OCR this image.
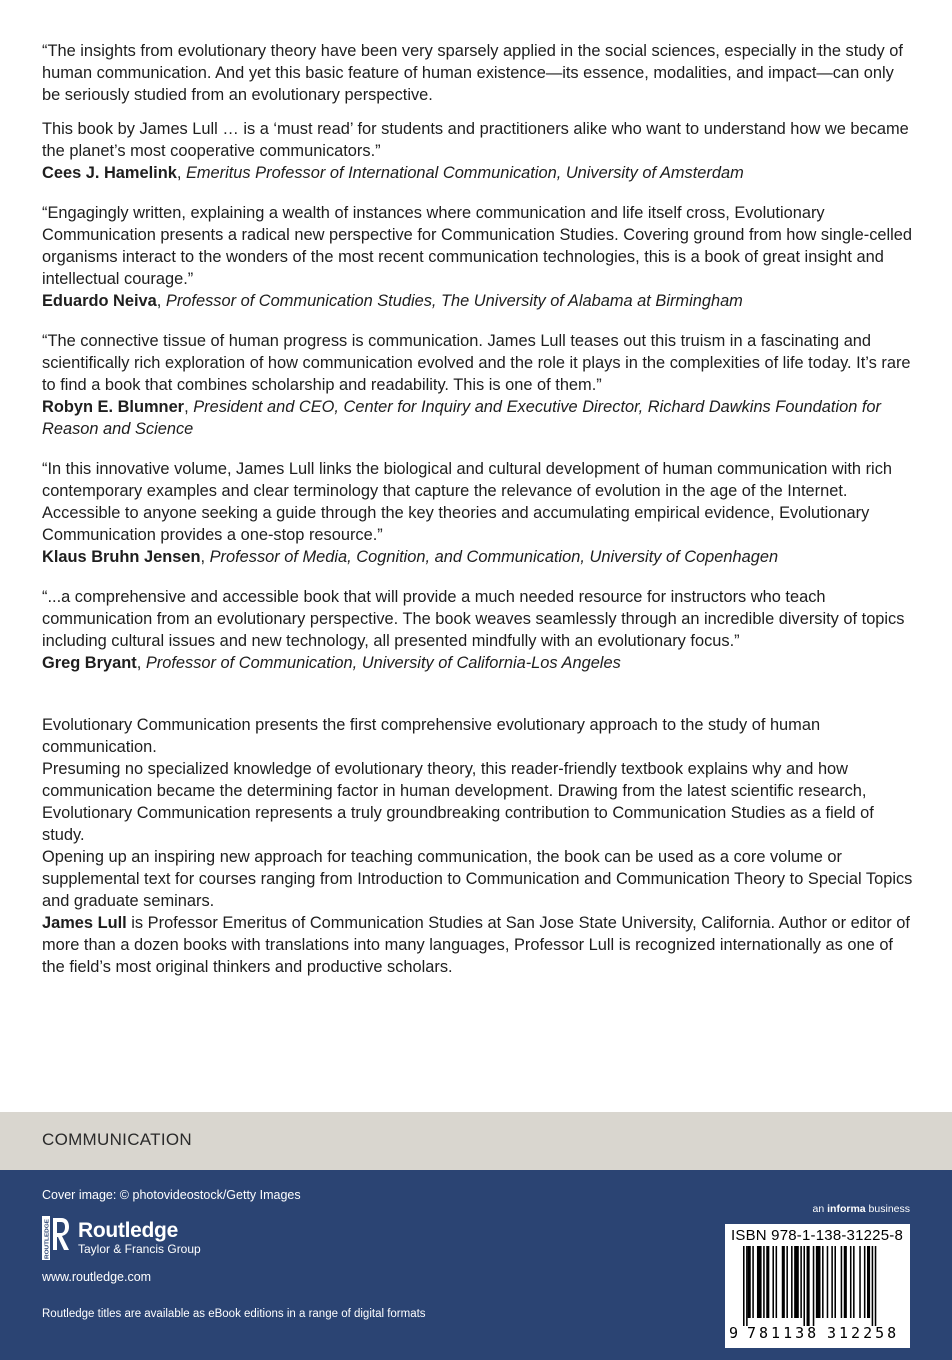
“The insights from evolutionary theory have been very sparsely applied in the social sciences, especially in the study of human communication. And yet this basic feature of human existence—its essence, modalities, and impact—can only be seriously studied from an evolutionary perspective.

This book by James Lull … is a ‘must read’ for students and practitioners alike who want to understand how we became the planet’s most cooperative communicators.”

Cees J. Hamelink, Emeritus Professor of International Communication, University of Amsterdam

“Engagingly written, explaining a wealth of instances where communication and life itself cross, Evolutionary Communication presents a radical new perspective for Communication Studies. Covering ground from how single-celled organisms interact to the wonders of the most recent communication technologies, this is a book of great insight and intellectual courage.”

Eduardo Neiva, Professor of Communication Studies, The University of Alabama at Birmingham

“The connective tissue of human progress is communication. James Lull teases out this truism in a fascinating and scientifically rich exploration of how communication evolved and the role it plays in the complexities of life today. It’s rare to find a book that combines scholarship and readability. This is one of them.”

Robyn E. Blumner, President and CEO, Center for Inquiry and Executive Director, Richard Dawkins Foundation for Reason and Science

“In this innovative volume, James Lull links the biological and cultural development of human communication with rich contemporary examples and clear terminology that capture the relevance of evolution in the age of the Internet. Accessible to anyone seeking a guide through the key theories and accumulating empirical evidence, Evolutionary Communication provides a one-stop resource.”

Klaus Bruhn Jensen, Professor of Media, Cognition, and Communication, University of Copenhagen

“...a comprehensive and accessible book that will provide a much needed resource for instructors who teach communication from an evolutionary perspective. The book weaves seamlessly through an incredible diversity of topics including cultural issues and new technology, all presented mindfully with an evolutionary focus.”

Greg Bryant, Professor of Communication, University of California-Los Angeles

Evolutionary Communication presents the first comprehensive evolutionary approach to the study of human communication.

Presuming no specialized knowledge of evolutionary theory, this reader-friendly textbook explains why and how communication became the determining factor in human development. Drawing from the latest scientific research, Evolutionary Communication represents a truly groundbreaking contribution to Communication Studies as a field of study.

Opening up an inspiring new approach for teaching communication, the book can be used as a core volume or supplemental text for courses ranging from Introduction to Communication and Communication Theory to Special Topics and graduate seminars.

James Lull is Professor Emeritus of Communication Studies at San Jose State University, California. Author or editor of more than a dozen books with translations into many languages, Professor Lull is recognized internationally as one of the field’s most original thinkers and productive scholars.

COMMUNICATION
Cover image: © photovideostock/Getty Images
ROUTLEDGE Routledge
Taylor & Francis Group
www.routledge.com
Routledge titles are available as eBook editions in a range of digital formats
an informa business
ISBN 978-1-138-31225-8
9 781138 312258
